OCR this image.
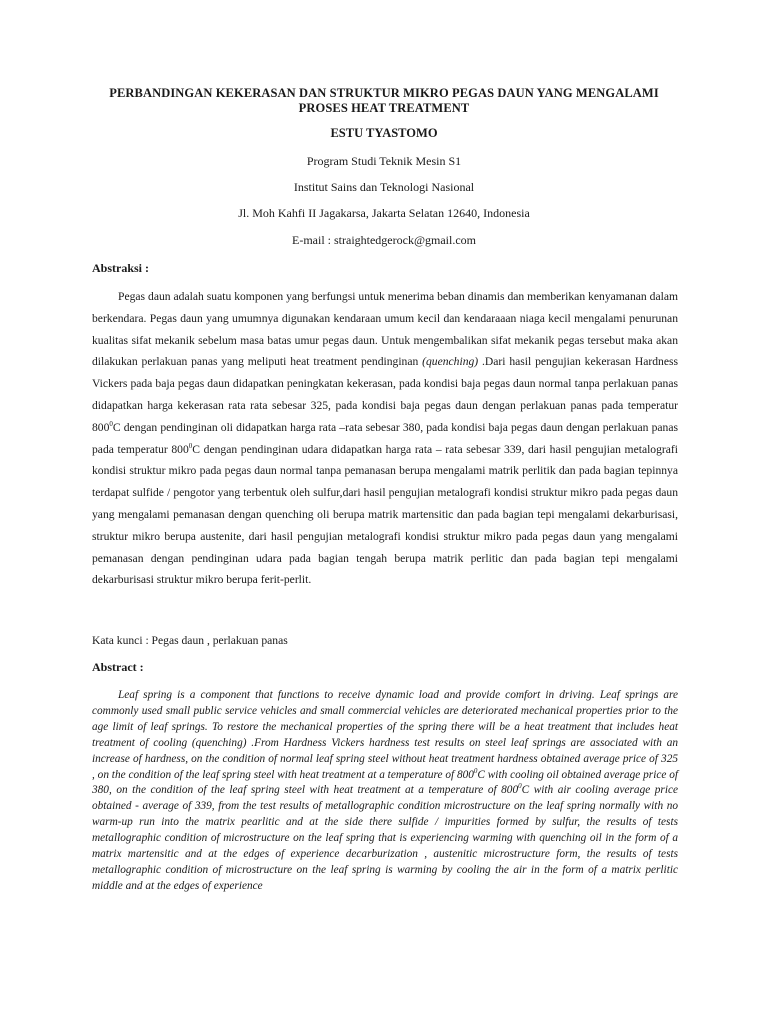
PERBANDINGAN KEKERASAN DAN STRUKTUR MIKRO PEGAS DAUN YANG MENGALAMI
PROSES HEAT TREATMENT
ESTU TYASTOMO
Program Studi Teknik Mesin S1
Institut Sains dan Teknologi Nasional
Jl. Moh Kahfi II Jagakarsa, Jakarta Selatan 12640, Indonesia
E-mail : straightedgerock@gmail.com
Abstraksi :

Pegas daun adalah suatu komponen yang berfungsi untuk menerima beban dinamis dan memberikan kenyamanan dalam berkendara. Pegas daun yang umumnya digunakan kendaraan umum kecil dan kendaraaan niaga kecil mengalami penurunan kualitas sifat mekanik sebelum masa batas umur pegas daun. Untuk mengembalikan sifat mekanik pegas tersebut maka akan dilakukan perlakuan panas yang meliputi heat treatment pendinginan (quenching) .Dari hasil pengujian kekerasan Hardness Vickers pada baja pegas daun didapatkan peningkatan kekerasan, pada kondisi baja pegas daun normal tanpa perlakuan panas didapatkan harga kekerasan rata rata sebesar 325, pada kondisi baja pegas daun dengan perlakuan panas pada temperatur $800^0C$ dengan pendinginan oli didapatkan harga rata –rata sebesar 380, pada kondisi baja pegas daun dengan perlakuan panas pada temperatur $800^0C$ dengan pendinginan udara didapatkan harga rata – rata sebesar 339, dari hasil pengujian metalografi kondisi struktur mikro pada pegas daun normal tanpa pemanasan berupa mengalami matrik perlitik dan pada bagian tepinnya terdapat sulfide / pengotor yang terbentuk oleh sulfur,dari hasil pengujian metalografi kondisi struktur mikro pada pegas daun yang mengalami pemanasan dengan quenching oli berupa matrik martensitic dan pada bagian tepi mengalami dekarburisasi, struktur mikro berupa austenite, dari hasil pengujian metalografi kondisi struktur mikro pada pegas daun yang mengalami pemanasan dengan pendinginan udara pada bagian tengah berupa matrik perlitic dan pada bagian tepi mengalami dekarburisasi struktur mikro berupa ferit-perlit.

Kata kunci : Pegas daun , perlakuan panas
Abstract :

Leaf spring is a component that functions to receive dynamic load and provide comfort in driving. Leaf springs are commonly used small public service vehicles and small commercial vehicles are deteriorated mechanical properties prior to the age limit of leaf springs. To restore the mechanical properties of the spring there will be a heat treatment that includes heat treatment of cooling (quenching) .From Hardness Vickers hardness test results on steel leaf springs are associated with an increase of hardness, on the condition of normal leaf spring steel without heat treatment hardness obtained average price of 325 , on the condition of the leaf spring steel with heat treatment at a temperature of $800^0C$ with cooling oil obtained average price of 380, on the condition of the leaf spring steel with heat treatment at a temperature of $800^0C$ with air cooling average price obtained - average of 339, from the test results of metallographic condition microstructure on the leaf spring normally with no warm-up run into the matrix pearlitic and at the side there sulfide / impurities formed by sulfur, the results of tests metallographic condition of microstructure on the leaf spring that is experiencing warming with quenching oil in the form of a matrix martensitic and at the edges of experience decarburization , austenitic microstructure form, the results of tests metallographic condition of microstructure on the leaf spring is warming by cooling the air in the form of a matrix perlitic middle and at the edges of experience
